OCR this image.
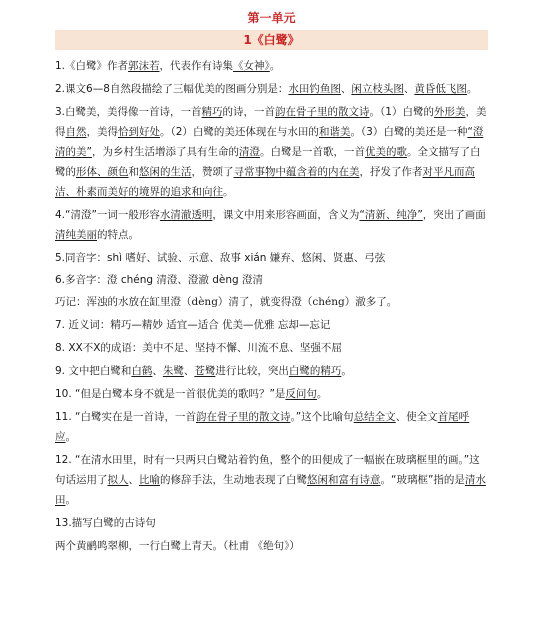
第一单元
1《白鹭》

1.《白鹭》作者郭沫若，代表作有诗集《女神》。

2.课文6—8自然段描绘了三幅优美的图画分别是：水田钓鱼图、闲立枝头图、黄昏低飞图。

3.白鹭美，美得像一首诗，一首精巧的诗，一首韵在骨子里的散文诗。（1）白鹭的外形美，美得自然，美得恰到好处。（2）白鹭的美还体现在与水田的和谐美。（3）白鹭的美还是一种“澄清的美”，为乡村生活增添了具有生命的清澄。白鹭是一首歌，一首优美的歌。全文描写了白鹭的形体、颜色和悠闲的生活，赞颂了寻常事物中蕴含着的内在美，抒发了作者对平凡而高洁、朴素而美好的境界的追求和向往。

4.“清澄”一词一般形容水清澈透明，课文中用来形容画面，含义为“清新、纯净”，突出了画面清纯美丽的特点。

5.同音字：shì 嗜好、试验、示意、敌事 xián 嫌弃、悠闲、贤惠、弓弦

6.多音字：澄 chéng 清澄、澄澈 dèng 澄清

巧记：浑浊的水放在缸里澄（dèng）清了，就变得澄（chéng）澈多了。

7. 近义词：精巧—精妙 适宜—适合 优美—优雅 忘却—忘记

8. XX不X的成语：美中不足、坚持不懈、川流不息、坚强不屈

9. 文中把白鹭和白鹤、朱鹭、苍鹭进行比较，突出白鹭的精巧。

10. “但是白鹭本身不就是一首很优美的歌吗？”是反问句。

11. “白鹭实在是一首诗，一首韵在骨子里的散文诗。”这个比喻句总结全文、使全文首尾呼应。

12. “在清水田里，时有一只两只白鹭站着钓鱼，整个的田便成了一幅嵌在玻璃框里的画。”这句话运用了拟人、比喻的修辞手法，生动地表现了白鹭悠闲和富有诗意。“玻璃框”指的是清水田。

13.描写白鹭的古诗句

两个黄鹂鸣翠柳，一行白鹭上青天。（杜甫 《绝句》）
